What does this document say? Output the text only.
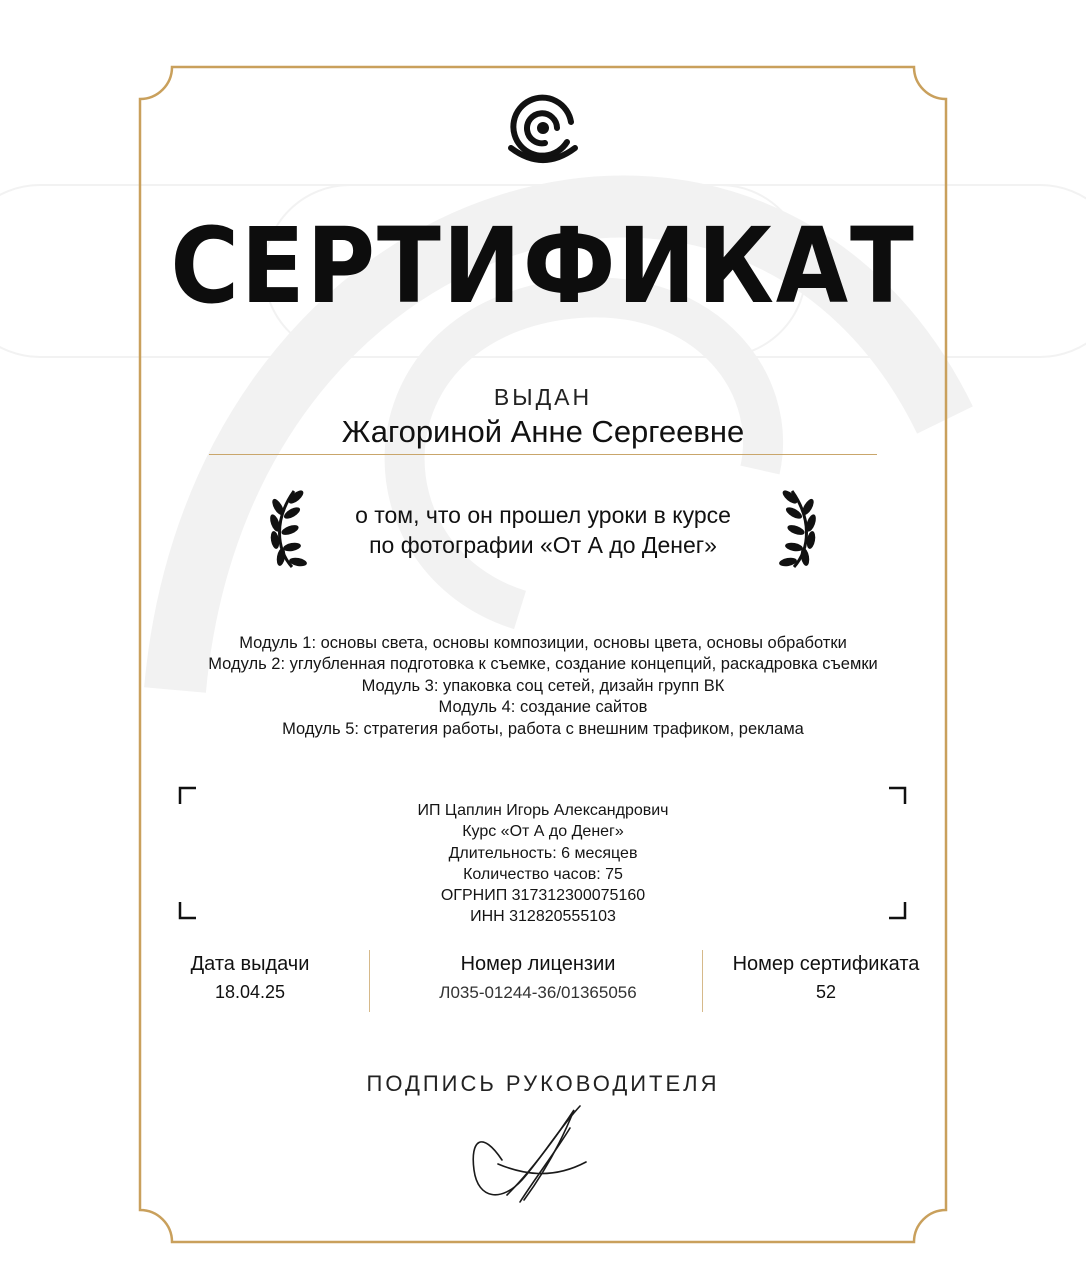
СЕРТИФИКАТ
ВЫДАН
Жагориной Анне Сергеевне
о том, что он прошел уроки в курсе
по фотографии «От А до Денег»
Модуль 1: основы света, основы композиции, основы цвета, основы обработки
Модуль 2: углубленная подготовка к съемке, создание концепций, раскадровка съемки
Модуль 3: упаковка соц сетей, дизайн групп ВК
Модуль 4: создание сайтов
Модуль 5: стратегия работы, работа с внешним трафиком, реклама
ИП Цаплин Игорь Александрович
Курс «От А до Денег»
Длительность: 6 месяцев
Количество часов: 75
ОГРНИП 317312300075160
ИНН 312820555103
Дата выдачи
18.04.25
Номер лицензии
Л035-01244-36/01365056
Номер сертификата
52
ПОДПИСЬ РУКОВОДИТЕЛЯ
